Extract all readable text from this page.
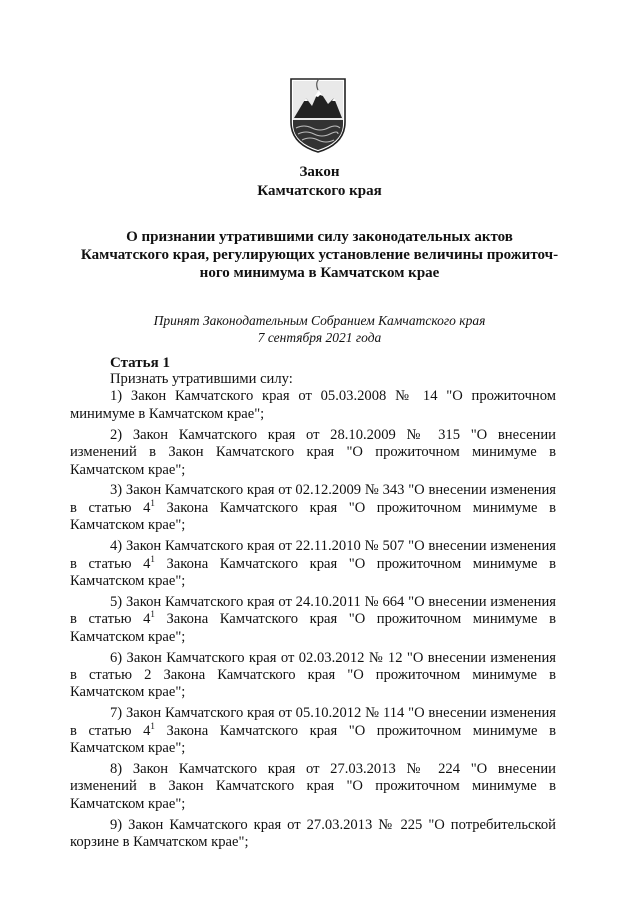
Закон
Камчатского края
О признании утратившими силу законодательных актов
Камчатского края, регулирующих установление величины прожиточ-
ного минимума в Камчатском крае
Принят Законодательным Собранием Камчатского края
7 сентября 2021 года
Статья 1

Признать утратившими силу:

1) Закон Камчатского края от 05.03.2008 № 14 "О прожиточном минимуме в Камчатском крае";

2) Закон Камчатского края от 28.10.2009 № 315 "О внесении изменений в Закон Камчатского края "О прожиточном минимуме в Камчатском крае";

3) Закон Камчатского края от 02.12.2009 № 343 "О внесении изменения в статью $4^1$ Закона Камчатского края "О прожиточном минимуме в Камчатском крае";

4) Закон Камчатского края от 22.11.2010 № 507 "О внесении изменения в статью $4^1$ Закона Камчатского края "О прожиточном минимуме в Камчатском крае";

5) Закон Камчатского края от 24.10.2011 № 664 "О внесении изменения в статью $4^1$ Закона Камчатского края "О прожиточном минимуме в Камчатском крае";

6) Закон Камчатского края от 02.03.2012 № 12 "О внесении изменения в статью 2 Закона Камчатского края "О прожиточном минимуме в Камчатском крае";

7) Закон Камчатского края от 05.10.2012 № 114 "О внесении изменения в статью $4^1$ Закона Камчатского края "О прожиточном минимуме в Камчатском крае";

8) Закон Камчатского края от 27.03.2013 № 224 "О внесении изменений в Закон Камчатского края "О прожиточном минимуме в Камчатском крае";

9) Закон Камчатского края от 27.03.2013 № 225 "О потребительской корзине в Камчатском крае";
